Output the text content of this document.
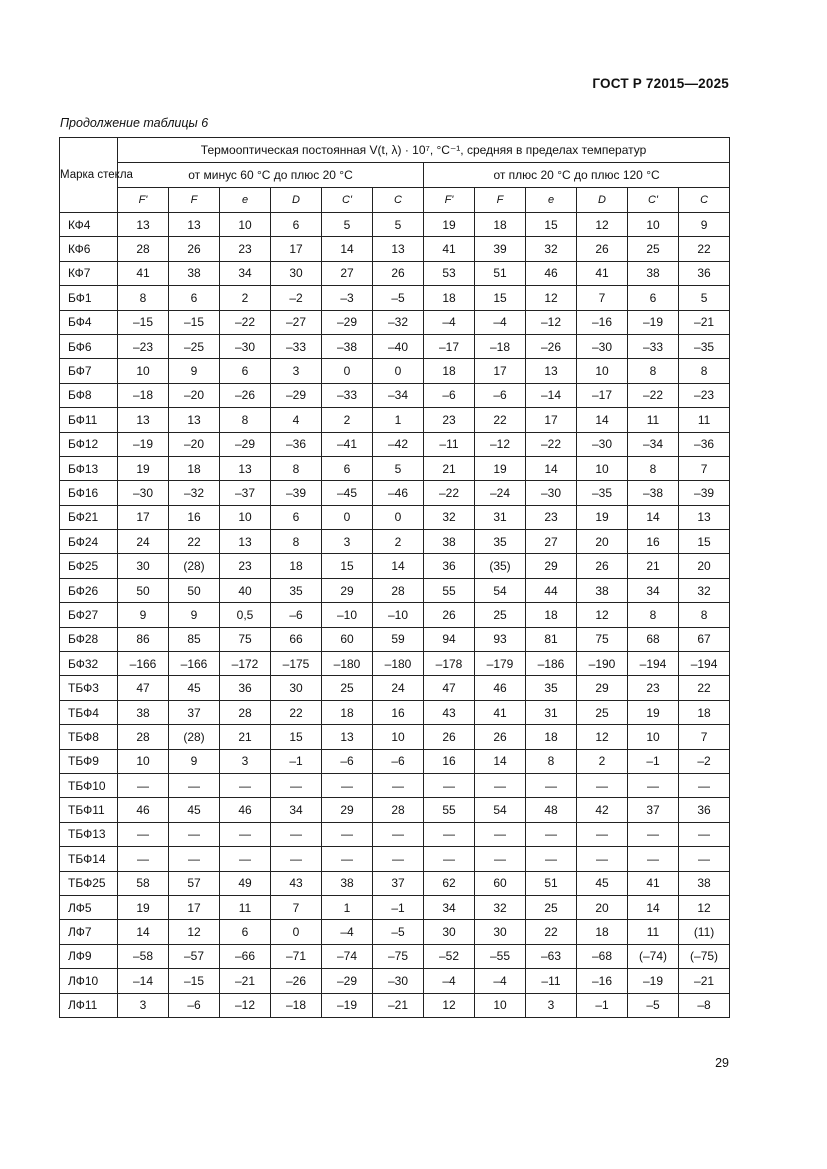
ГОСТ Р 72015—2025
Продолжение таблицы 6
Марка стекла	Термооптическая постоянная V(t, λ) · 10⁷, °C⁻¹, средняя в пределах температур											
	от минус 60 °C до плюс 20 °C						от плюс 20 °C до плюс 120 °C					
	F'	F	e	D	C'	C	F'	F	e	D	C'	C
КФ4	13	13	10	6	5	5	19	18	15	12	10	9
КФ6	28	26	23	17	14	13	41	39	32	26	25	22
КФ7	41	38	34	30	27	26	53	51	46	41	38	36
БФ1	8	6	2	–2	–3	–5	18	15	12	7	6	5
БФ4	–15	–15	–22	–27	–29	–32	–4	–4	–12	–16	–19	–21
БФ6	–23	–25	–30	–33	–38	–40	–17	–18	–26	–30	–33	–35
БФ7	10	9	6	3	0	0	18	17	13	10	8	8
БФ8	–18	–20	–26	–29	–33	–34	–6	–6	–14	–17	–22	–23
БФ11	13	13	8	4	2	1	23	22	17	14	11	11
БФ12	–19	–20	–29	–36	–41	–42	–11	–12	–22	–30	–34	–36
БФ13	19	18	13	8	6	5	21	19	14	10	8	7
БФ16	–30	–32	–37	–39	–45	–46	–22	–24	–30	–35	–38	–39
БФ21	17	16	10	6	0	0	32	31	23	19	14	13
БФ24	24	22	13	8	3	2	38	35	27	20	16	15
БФ25	30	(28)	23	18	15	14	36	(35)	29	26	21	20
БФ26	50	50	40	35	29	28	55	54	44	38	34	32
БФ27	9	9	0,5	–6	–10	–10	26	25	18	12	8	8
БФ28	86	85	75	66	60	59	94	93	81	75	68	67
БФ32	–166	–166	–172	–175	–180	–180	–178	–179	–186	–190	–194	–194
ТБФ3	47	45	36	30	25	24	47	46	35	29	23	22
ТБФ4	38	37	28	22	18	16	43	41	31	25	19	18
ТБФ8	28	(28)	21	15	13	10	26	26	18	12	10	7
ТБФ9	10	9	3	–1	–6	–6	16	14	8	2	–1	–2
ТБФ10	—	—	—	—	—	—	—	—	—	—	—	—
ТБФ11	46	45	46	34	29	28	55	54	48	42	37	36
ТБФ13	—	—	—	—	—	—	—	—	—	—	—	—
ТБФ14	—	—	—	—	—	—	—	—	—	—	—	—
ТБФ25	58	57	49	43	38	37	62	60	51	45	41	38
ЛФ5	19	17	11	7	1	–1	34	32	25	20	14	12
ЛФ7	14	12	6	0	–4	–5	30	30	22	18	11	(11)
ЛФ9	–58	–57	–66	–71	–74	–75	–52	–55	–63	–68	(–74)	(–75)
ЛФ10	–14	–15	–21	–26	–29	–30	–4	–4	–11	–16	–19	–21
ЛФ11	3	–6	–12	–18	–19	–21	12	10	3	–1	–5	–8
29
